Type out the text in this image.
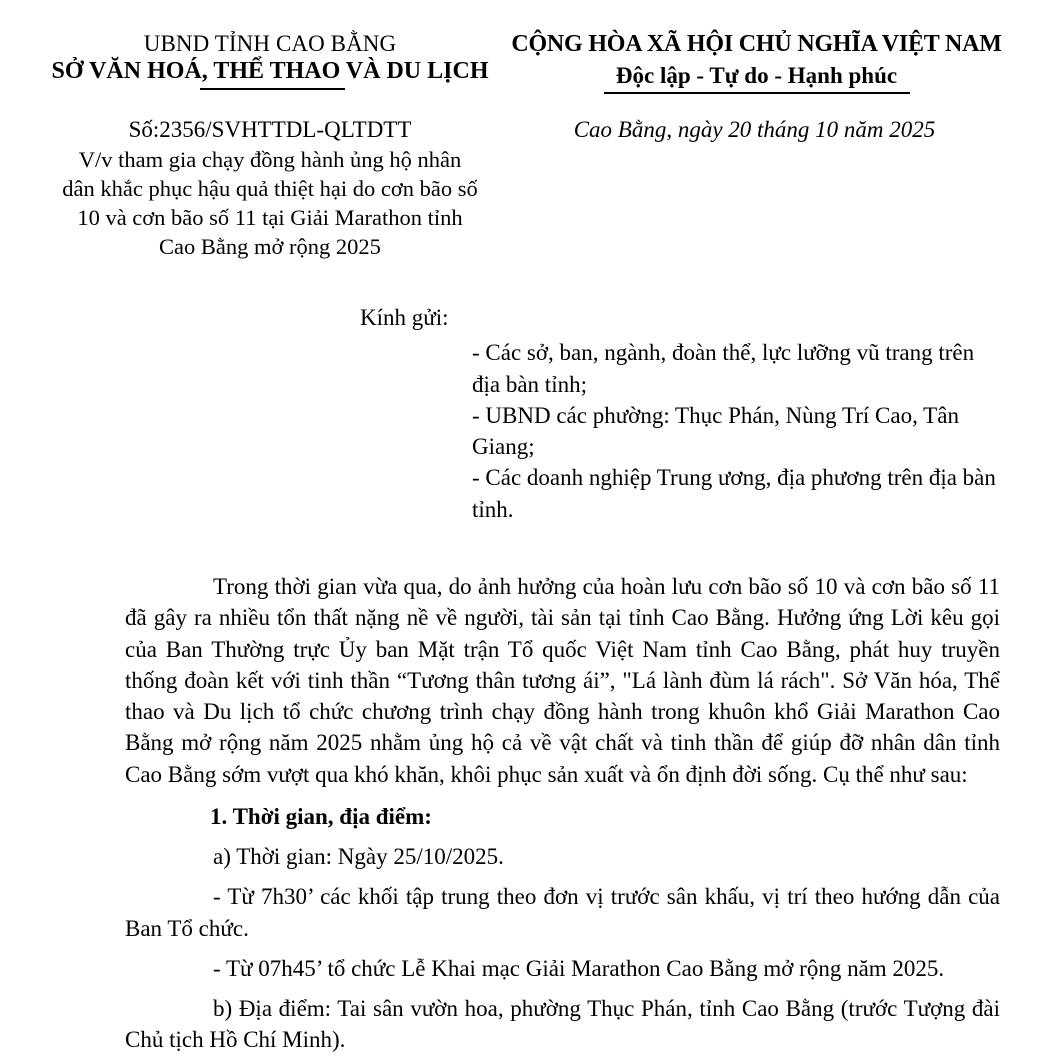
UBND TỈNH CAO BẰNG
SỞ VĂN HOÁ, THỂ THAO VÀ DU LỊCH
CỘNG HÒA XÃ HỘI CHỦ NGHĨA VIỆT NAM
Độc lập - Tự do - Hạnh phúc
Số:2356/SVHTTDL-QLTDTT
V/v tham gia chạy đồng hành ủng hộ nhân
dân khắc phục hậu quả thiệt hại do cơn bão số
10 và cơn bão số 11 tại Giải Marathon tỉnh
Cao Bằng mở rộng 2025
Cao Bằng, ngày 20 tháng 10 năm 2025
Kính gửi:
- Các sở, ban, ngành, đoàn thể, lực lưỡng vũ trang trên địa bàn tỉnh;
- UBND các phường: Thục Phán, Nùng Trí Cao, Tân Giang;
- Các doanh nghiệp Trung ương, địa phương trên địa bàn tỉnh.

Trong thời gian vừa qua, do ảnh hưởng của hoàn lưu cơn bão số 10 và cơn bão số 11 đã gây ra nhiều tổn thất nặng nề về người, tài sản tại tỉnh Cao Bằng. Hưởng ứng Lời kêu gọi của Ban Thường trực Ủy ban Mặt trận Tổ quốc Việt Nam tỉnh Cao Bằng, phát huy truyền thống đoàn kết với tinh thần “Tương thân tương ái”, "Lá lành đùm lá rách". Sở Văn hóa, Thể thao và Du lịch tổ chức chương trình chạy đồng hành trong khuôn khổ Giải Marathon Cao Bằng mở rộng năm 2025 nhằm ủng hộ cả về vật chất và tinh thần để giúp đỡ nhân dân tỉnh Cao Bằng sớm vượt qua khó khăn, khôi phục sản xuất và ổn định đời sống. Cụ thể như sau:

1. Thời gian, địa điểm:

a) Thời gian: Ngày 25/10/2025.

- Từ 7h30’ các khối tập trung theo đơn vị trước sân khấu, vị trí theo hướng dẫn của Ban Tổ chức.

- Từ 07h45’ tổ chức Lễ Khai mạc Giải Marathon Cao Bằng mở rộng năm 2025.

b) Địa điểm: Tai sân vườn hoa, phường Thục Phán, tỉnh Cao Bằng (trước Tượng đài Chủ tịch Hồ Chí Minh).
